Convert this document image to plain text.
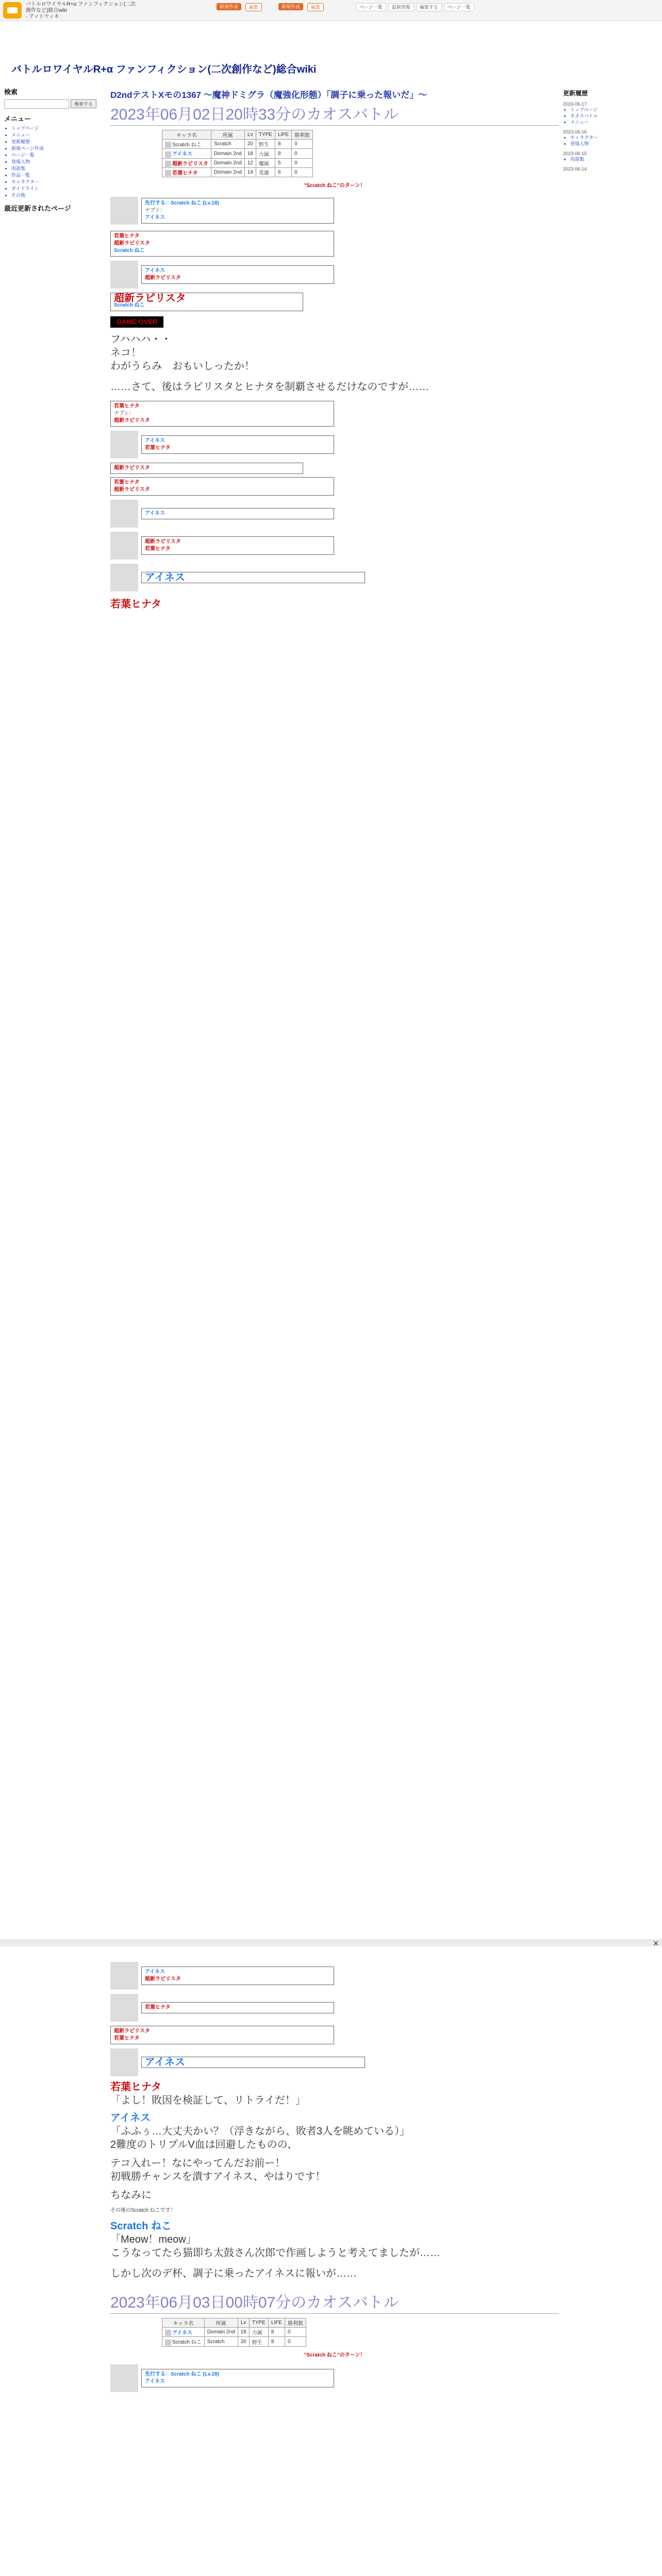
バトルロワイヤルR+α ファンフィクション(二次創作など)総合wiki
- アットウィキ
新規作成	編集	新規作成	編集	ページ一覧	最新情報	編集する	ページ一覧
バトルロワイヤルR+α ファンフィクション(二次創作など)総合wiki
検索
検索する
メニュー
• トップページ
• メニュー
• 更新履歴
• 新規ページ作成
• ページ一覧
• 登場人物
• 用語集
• 作品一覧
• キャラクター
• ガイドライン
• その他
最近更新されたページ
更新履歴
2023-06-17
• トップページ
• カオスバトル
• メニュー
2023-06-16
• キャラクター
• 登場人物
2023-06-15
• 用語集
2023-06-14
D2ndテストXモの1367 ～魔神ドミグラ（魔強化形態）「調子に乗った報いだ」～
2023年06月02日20時33分のカオスバトル
キャラ名	所属	Lv	TYPE	LIFE	勝利数
Scratch ねこ	Scratch	20	野生	8	0
アイネス	Domain 2nd	18	力属	8	0
超新ラピリスタ	Domain 2nd	12	魔属	5	0
若葉ヒナタ	Domain 2nd	14	英雄	6	0
"Scratch ねこ"のターン！
先行する：Scratch ねこ (Lv.18)
ナブシ：
アイネス
若葉ヒナタ
超新ラピリスタ
Scratch ねこ
アイネス
超新ラピリスタ
超新ラピリスタ
Scratch ねこ
GAME OVER
フハハハ・・
ネコ！
わがうらみ　おもいしったか！
……さて、後はラピリスタとヒナタを制覇させるだけなのですが……
若葉ヒナタ
ナブシ：
超新ラピリスタ
アイネス
若葉ヒナタ
超新ラピリスタ
若葉ヒナタ
超新ラピリスタ
アイネス
超新ラピリスタ
若葉ヒナタ
アイネス
若葉ヒナタ
✕
アイネス
超新ラピリスタ
若葉ヒナタ
超新ラピリスタ
若葉ヒナタ
アイネス
若葉ヒナタ
「よし！敗因を検証して、リトライだ！」
アイネス
「ふふぅ…大丈夫かい？（浮きながら、敗者3人を眺めている）」
2難度のトリプルV血は回避したものの、
テコ入れー！なにやってんだお前ー！
初戦勝チャンスを潰すアイネス、やはりです！
ちなみに
その後のScratch ねこです！
Scratch ねこ
「Meow！meow」
こうなってたら猫即ち太鼓さん次郎で作画しようと考えてましたが……
しかし次のデ杯、調子に乗ったアイネスに報いが……
2023年06月03日00時07分のカオスバトル
キャラ名	所属	Lv	TYPE	LIFE	勝利数
アイネス	Domain 2nd	18	力属	8	0
Scratch ねこ	Scratch	20	野生	8	0
"Scratch ねこ"のターン！
先行する：Scratch ねこ (Lv.18)
アイネス
